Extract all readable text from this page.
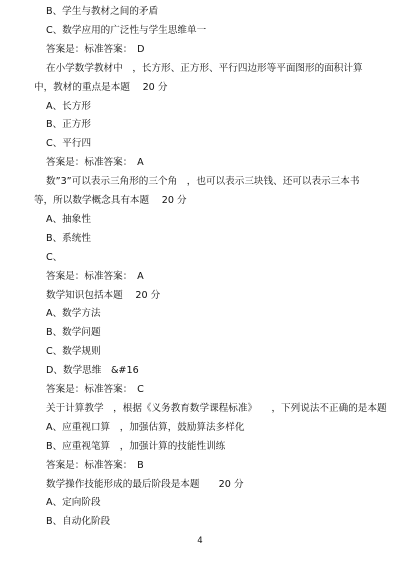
B、学生与教材之间的矛盾
C、数学应用的广泛性与学生思维单一
答案是：标准答案：　D
在小学数学教材中　，长方形、正方形、平行四边形等平面图形的面积计算
中，教材的重点是本题　 20 分
A、长方形
B、正方形
C、平行四
答案是：标准答案：　A
数”3”可以表示三角形的三个角　，也可以表示三块钱、还可以表示三本书
等，所以数学概念具有本题　 20 分
A、抽象性
B、系统性
C、
答案是：标准答案：　A
数学知识包括本题　 20 分
A、数学方法
B、数学问题
C、数学规则
D、数学思维　&#16
答案是：标准答案：　C
关于计算教学　，根据《义务教育数学课程标准》　　，下列说法不正确的是本题
A、应重视口算　，加强估算，鼓励算法多样化
B、应重视笔算　，加强计算的技能性训练
答案是：标准答案：　B
数学操作技能形成的最后阶段是本题　　20 分
A、定向阶段
B、自动化阶段
4
